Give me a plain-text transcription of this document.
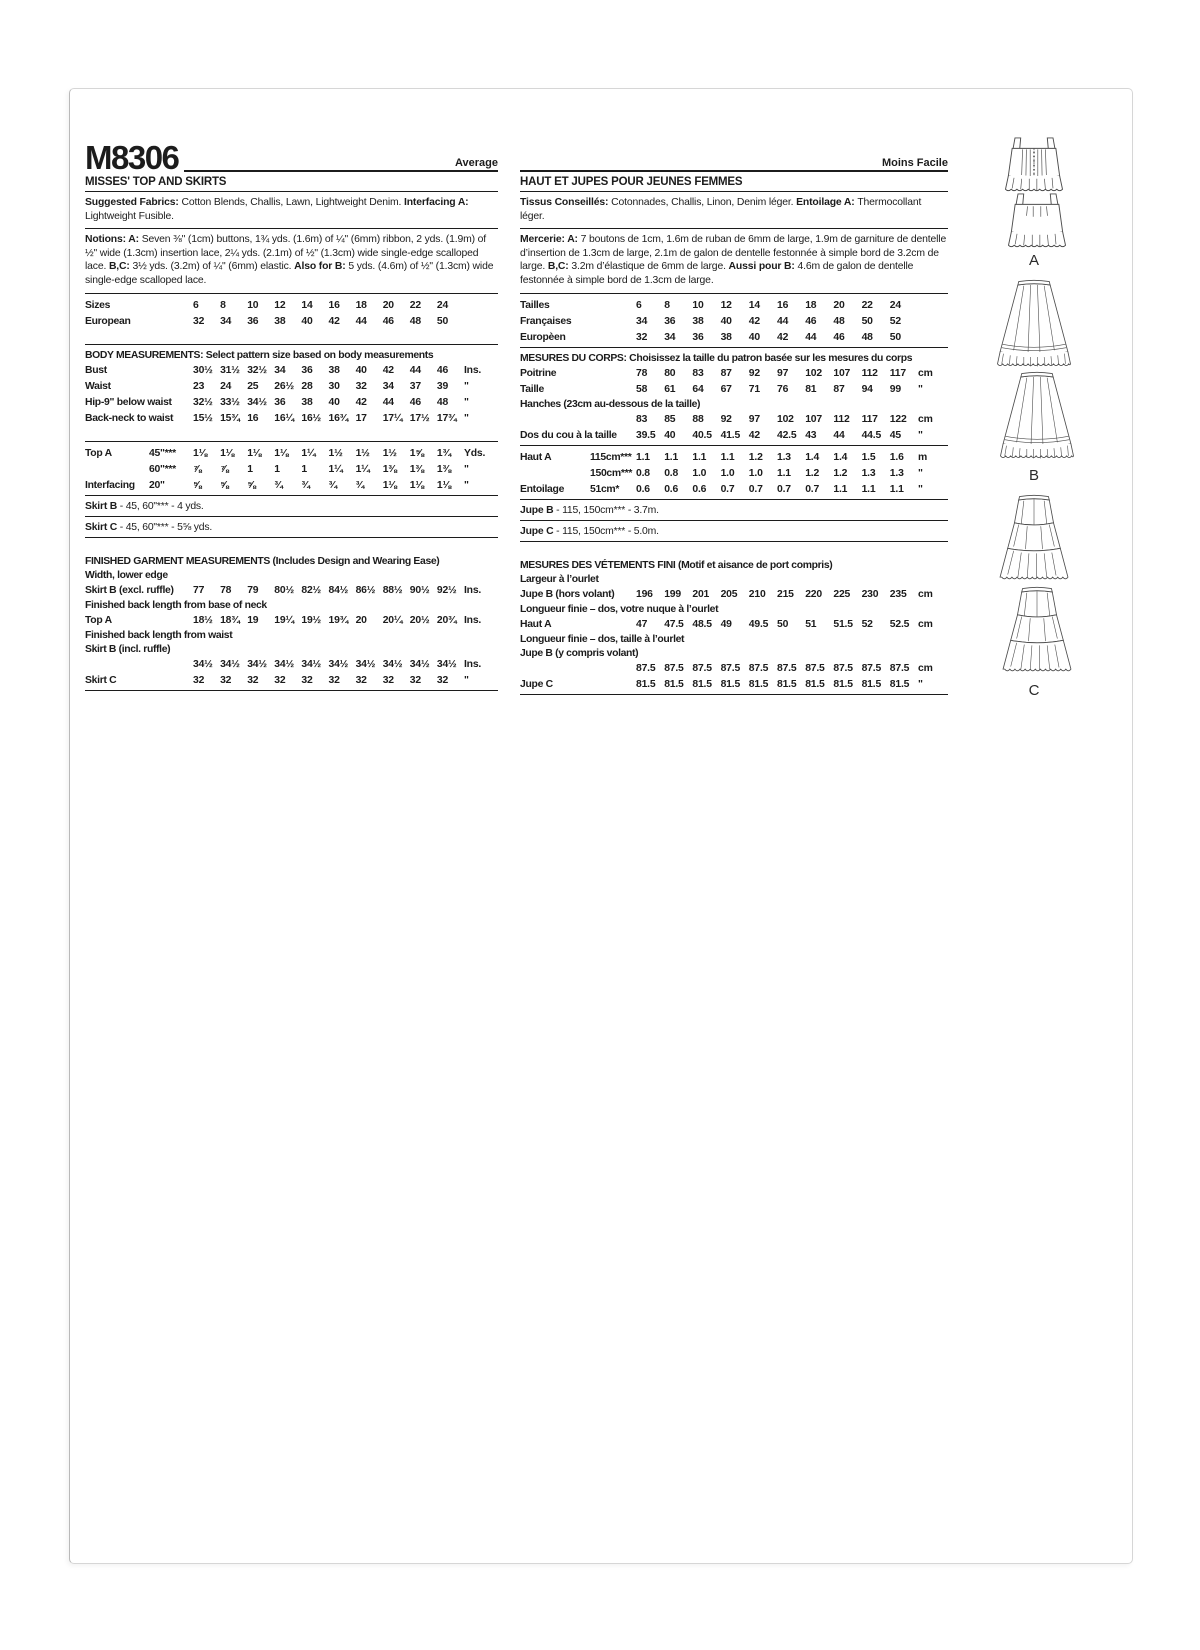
M8306	Average
MISSES' TOP AND SKIRTS
Suggested Fabrics: Cotton Blends, Challis, Lawn, Lightweight Denim. Interfacing A: Lightweight Fusible.
Notions: A: Seven ⅜" (1cm) buttons, 1¾ yds. (1.6m) of ¼" (6mm) ribbon, 2 yds. (1.9m) of ½" wide (1.3cm) insertion lace, 2¼ yds. (2.1m) of ½" (1.3cm) wide single-edge scalloped lace. B,C: 3½ yds. (3.2m) of ¼" (6mm) elastic. Also for B: 5 yds. (4.6m) of ½" (1.3cm) wide single-edge scalloped lace.
Sizes	6	8	10	12	14	16	18	20	22	24
European	32	34	36	38	40	42	44	46	48	50
BODY MEASUREMENTS: Select pattern size based on body measurements
Bust	30½ 31½ 32½ 34	36	38	40	42	44	46	Ins.
Waist	23	24	25	26½ 28	30	32	34	37	39	"
Hip-9" below waist 32½ 33½ 34½ 36	38	40	42	44	46	48	"
Back-neck to waist 15½ 15¾ 16	16¼ 16½ 16¾ 17	17¼ 17½ 17¾ "
Top A	45"***	1⅛	1⅛	1⅛	1⅛	1¼	1½	1½	1½	1⅝	1¾	Yds.
60"***	⅞	⅞	1	1	1	1¼	1¼	1⅜	1⅜	1⅜	"
Interfacing	20"	⅝	⅝	⅝	¾	¾	¾	¾	1⅛	1⅛	1⅛	"
Skirt B - 45, 60"*** - 4 yds.
Skirt C - 45, 60"*** - 5⅝ yds.
FINISHED GARMENT MEASUREMENTS (Includes Design and Wearing Ease)
Width, lower edge
Skirt B (excl. ruffle) 77	78	79	80½ 82½ 84½ 86½ 88½ 90½ 92½ Ins.
Finished back length from base of neck
Top A	18½ 18¾ 19	19¼ 19½ 19¾ 20	20¼ 20½ 20¾ Ins.
Finished back length from waist
Skirt B (incl. ruffle)
34½ 34½ 34½ 34½ 34½ 34½ 34½ 34½ 34½ 34½ Ins.
Skirt C	32	32	32	32	32	32	32	32	32	32	"
Moins Facile
HAUT ET JUPES POUR JEUNES FEMMES
Tissus Conseillés: Cotonnades, Challis, Linon, Denim léger. Entoilage A: Thermocollant léger.
Mercerie: A: 7 boutons de 1cm, 1.6m de ruban de 6mm de large, 1.9m de garniture de dentelle d’insertion de 1.3cm de large, 2.1m de galon de dentelle festonnée à simple bord de 3.2cm de large. B,C: 3.2m d’élastique de 6mm de large. Aussi pour B: 4.6m de galon de dentelle festonnée à simple bord de 1.3cm de large.
Tailles	6	8	10	12	14	16	18	20	22	24
Françaises	34	36	38	40	42	44	46	48	50	52
Europèen	32	34	36	38	40	42	44	46	48	50
MESURES DU CORPS: Choisissez la taille du patron basée sur les mesures du corps
Poitrine	78	80	83	87	92	97	102	107	112	117	cm
Taille	58	61	64	67	71	76	81	87	94	99	"
Hanches (23cm au-dessous de la taille)
83	85	88	92	97	102	107	112	117	122	cm
Dos du cou à la taille 39.5 40	40.5 41.5 42	42.5 43	44	44.5 45	"
Haut A	115cm*** 1.1	1.1	1.1	1.1	1.2	1.3	1.4	1.4	1.5	1.6	m
150cm*** 0.8	0.8	1.0	1.0	1.0	1.1	1.2	1.2	1.3	1.3	"
Entoilage	51cm*	0.6	0.6	0.6	0.7	0.7	0.7	0.7	1.1	1.1	1.1	"
Jupe B - 115, 150cm*** - 3.7m.
Jupe C - 115, 150cm*** - 5.0m.
MESURES DES VÉTEMENTS FINI (Motif et aisance de port compris)
Largeur à l’ourlet
Jupe B (hors volant) 196	199	201	205	210	215	220	225	230	235	cm
Longueur finie – dos, votre nuque à l’ourlet
Haut A	47	47.5 48.5 49	49.5 50	51	51.5 52	52.5 cm
Longueur finie – dos, taille à l’ourlet
Jupe B (y compris volant)
87.5 87.5 87.5 87.5 87.5 87.5 87.5 87.5 87.5 87.5 cm
Jupe C	81.5 81.5 81.5 81.5 81.5 81.5 81.5 81.5 81.5 81.5 "
A
B
C
